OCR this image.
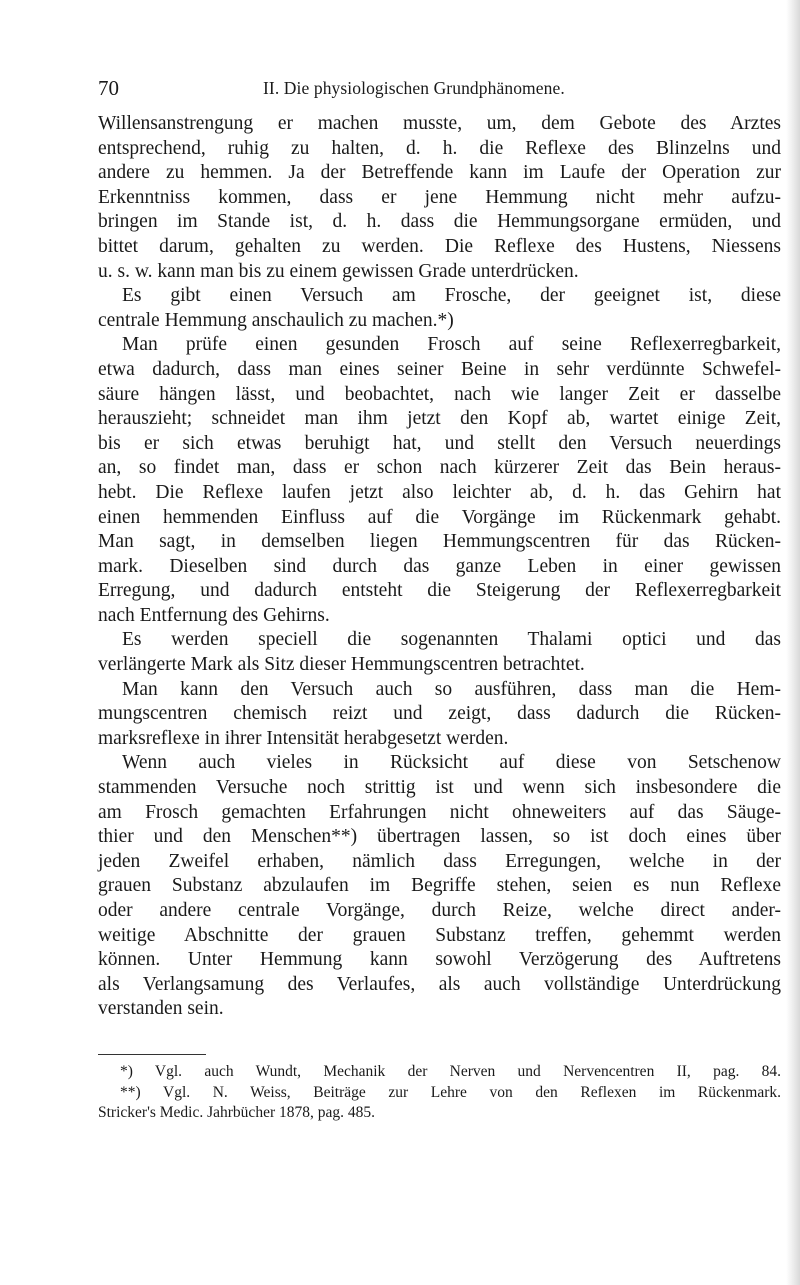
70	II. Die physiologischen Grundphänomene.
Willensanstrengung er machen musste, um, dem Gebote des Arztes
entsprechend, ruhig zu halten, d. h. die Reflexe des Blinzelns und
andere zu hemmen. Ja der Betreffende kann im Laufe der Operation zur
Erkenntniss kommen, dass er jene Hemmung nicht mehr aufzu-
bringen im Stande ist, d. h. dass die Hemmungsorgane ermüden, und
bittet darum, gehalten zu werden. Die Reflexe des Hustens, Niessens
u. s. w. kann man bis zu einem gewissen Grade unterdrücken.
Es gibt einen Versuch am Frosche, der geeignet ist, diese
centrale Hemmung anschaulich zu machen.*)
Man prüfe einen gesunden Frosch auf seine Reflexerregbarkeit,
etwa dadurch, dass man eines seiner Beine in sehr verdünnte Schwefel-
säure hängen lässt, und beobachtet, nach wie langer Zeit er dasselbe
herauszieht; schneidet man ihm jetzt den Kopf ab, wartet einige Zeit,
bis er sich etwas beruhigt hat, und stellt den Versuch neuerdings
an, so findet man, dass er schon nach kürzerer Zeit das Bein heraus-
hebt. Die Reflexe laufen jetzt also leichter ab, d. h. das Gehirn hat
einen hemmenden Einfluss auf die Vorgänge im Rückenmark gehabt.
Man sagt, in demselben liegen Hemmungscentren für das Rücken-
mark. Dieselben sind durch das ganze Leben in einer gewissen
Erregung, und dadurch entsteht die Steigerung der Reflexerregbarkeit
nach Entfernung des Gehirns.
Es werden speciell die sogenannten Thalami optici und das
verlängerte Mark als Sitz dieser Hemmungscentren betrachtet.
Man kann den Versuch auch so ausführen, dass man die Hem-
mungscentren chemisch reizt und zeigt, dass dadurch die Rücken-
marksreflexe in ihrer Intensität herabgesetzt werden.
Wenn auch vieles in Rücksicht auf diese von Setschenow
stammenden Versuche noch strittig ist und wenn sich insbesondere die
am Frosch gemachten Erfahrungen nicht ohneweiters auf das Säuge-
thier und den Menschen**) übertragen lassen, so ist doch eines über
jeden Zweifel erhaben, nämlich dass Erregungen, welche in der
grauen Substanz abzulaufen im Begriffe stehen, seien es nun Reflexe
oder andere centrale Vorgänge, durch Reize, welche direct ander-
weitige Abschnitte der grauen Substanz treffen, gehemmt werden
können. Unter Hemmung kann sowohl Verzögerung des Auftretens
als Verlangsamung des Verlaufes, als auch vollständige Unterdrückung
verstanden sein.
*) Vgl. auch Wundt, Mechanik der Nerven und Nervencentren II, pag. 84.
**) Vgl. N. Weiss, Beiträge zur Lehre von den Reflexen im Rückenmark.
Stricker's Medic. Jahrbücher 1878, pag. 485.
